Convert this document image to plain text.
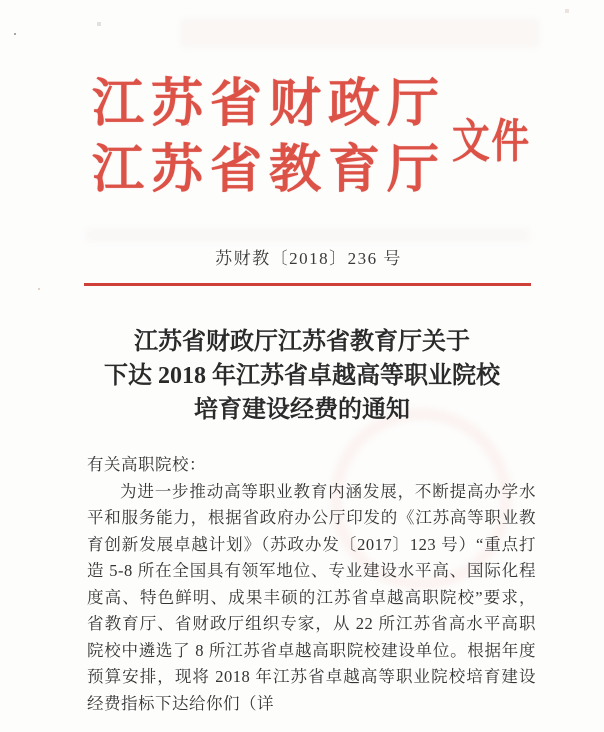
江苏省财政厅
江苏省教育厅
文件
苏财教〔2018〕236 号
江苏省财政厅江苏省教育厅关于
下达 2018 年江苏省卓越高等职业院校
培育建设经费的通知
有关高职院校：

为进一步推动高等职业教育内涵发展，不断提高办学水平和服务能力，根据省政府办公厅印发的《江苏高等职业教育创新发展卓越计划》（苏政办发〔2017〕123 号）“重点打造 5-8 所在全国具有领军地位、专业建设水平高、国际化程度高、特色鲜明、成果丰硕的江苏省卓越高职院校”要求，省教育厅、省财政厅组织专家，从 22 所江苏省高水平高职院校中遴选了 8 所江苏省卓越高职院校建设单位。根据年度预算安排，现将 2018 年江苏省卓越高等职业院校培育建设经费指标下达给你们（详
